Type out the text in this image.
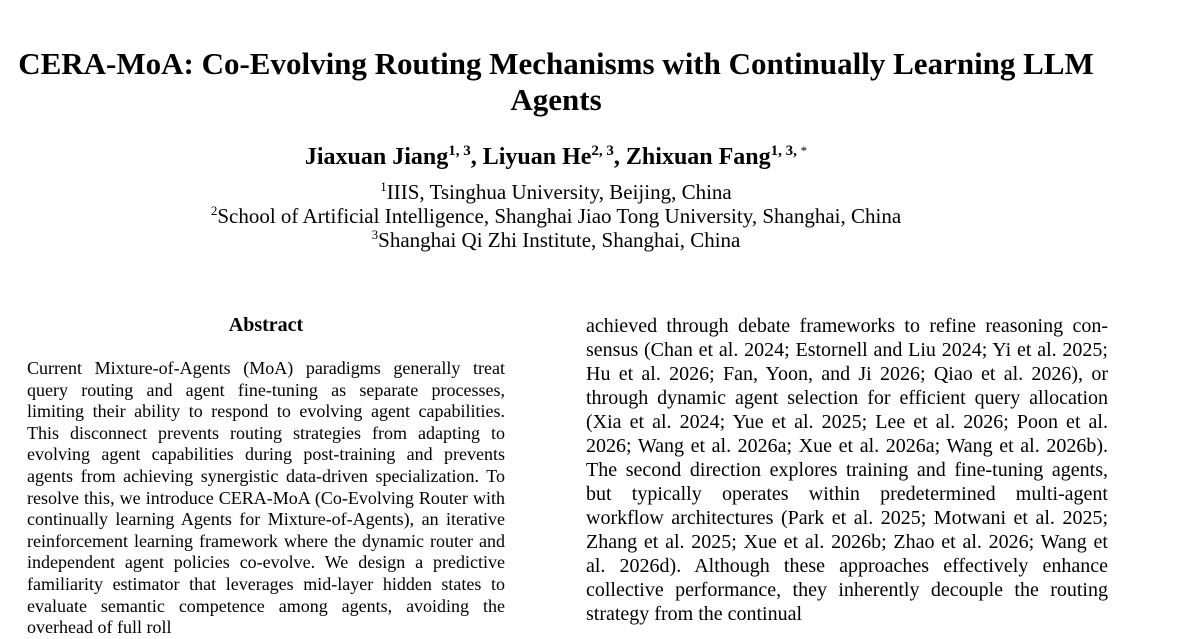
CERA-MoA: Co-Evolving Routing Mechanisms with Continually Learning LLM Agents
Jiaxuan Jiang$^{1, 3}$, Liyuan He$^{2, 3}$, Zhixuan Fang$^{1, 3,}$ *
$^1$IIIS, Tsinghua University, Beijing, China
$^2$School of Artificial Intelligence, Shanghai Jiao Tong University, Shanghai, China
$^3$Shanghai Qi Zhi Institute, Shanghai, China
Abstract
Current Mixture-of-Agents (MoA) paradigms generally treat query routing and agent fine-tuning as separate processes, limiting their ability to respond to evolving agent capabilities. This disconnect prevents routing strategies from adapting to evolving agent capabilities during post-training and prevents agents from achieving synergistic data-driven specialization. To resolve this, we introduce CERA-MoA (Co-Evolving Router with continually learning Agents for Mixture-of-Agents), an iterative reinforcement learning framework where the dynamic router and independent agent policies co-evolve. We design a predictive familiarity estimator that leverages mid-layer hidden states to evaluate semantic competence among agents, avoiding the overhead of full roll
achieved through debate frameworks to refine reasoning consensus (Chan et al. 2024; Estornell and Liu 2024; Yi et al. 2025; Hu et al. 2026; Fan, Yoon, and Ji 2026; Qiao et al. 2026), or through dynamic agent selection for efficient query allocation (Xia et al. 2024; Yue et al. 2025; Lee et al. 2026; Poon et al. 2026; Wang et al. 2026a; Xue et al. 2026a; Wang et al. 2026b). The second direction explores training and fine-tuning agents, but typically operates within predetermined multi-agent workflow architectures (Park et al. 2025; Motwani et al. 2025; Zhang et al. 2025; Xue et al. 2026b; Zhao et al. 2026; Wang et al. 2026d). Although these approaches effectively enhance collective performance, they inherently decouple the routing strategy from the continual
